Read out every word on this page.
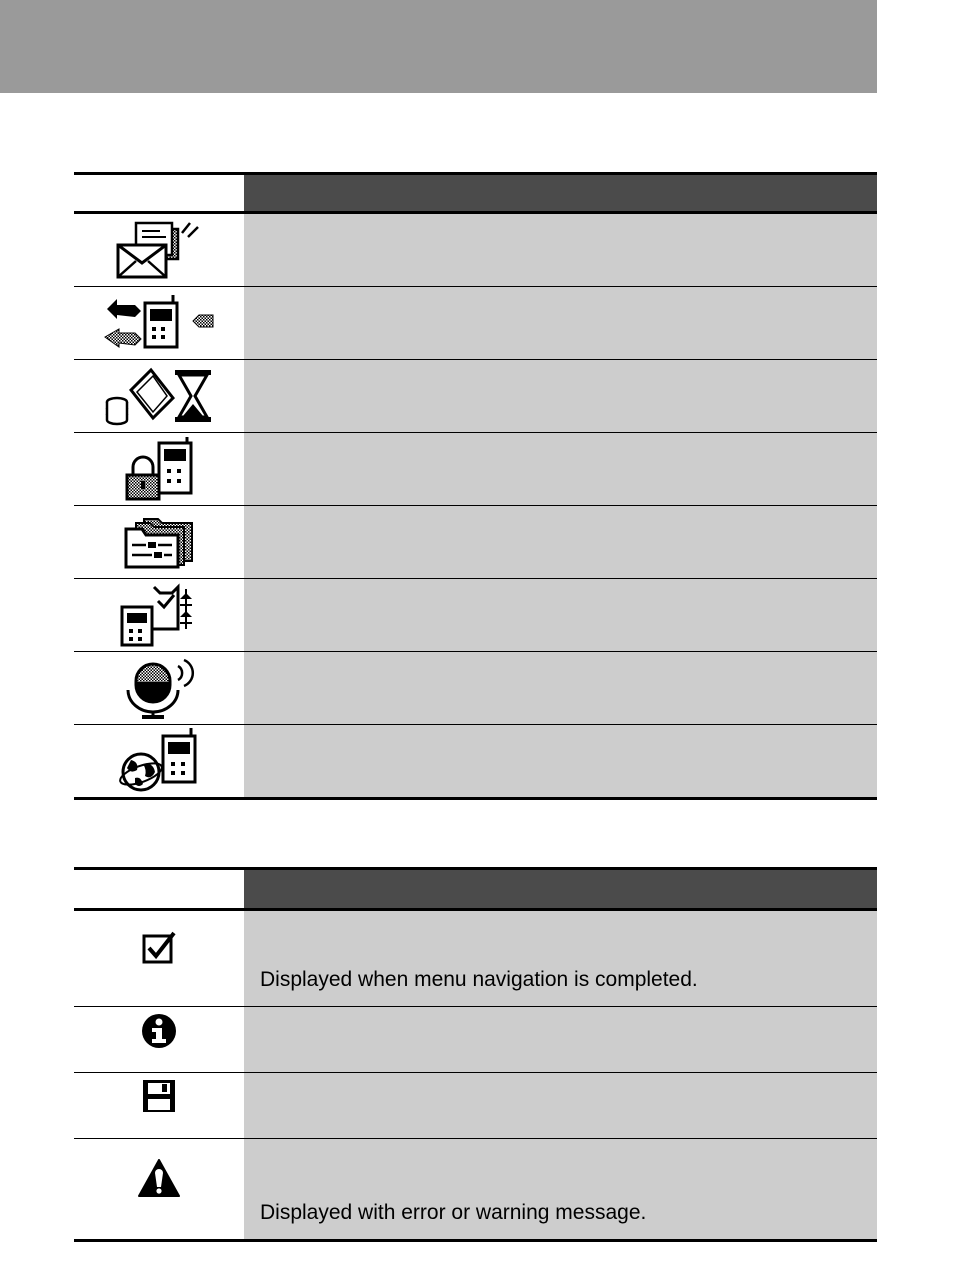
	Displayed when menu navigation is completed.

	Displayed with error or warning message.
